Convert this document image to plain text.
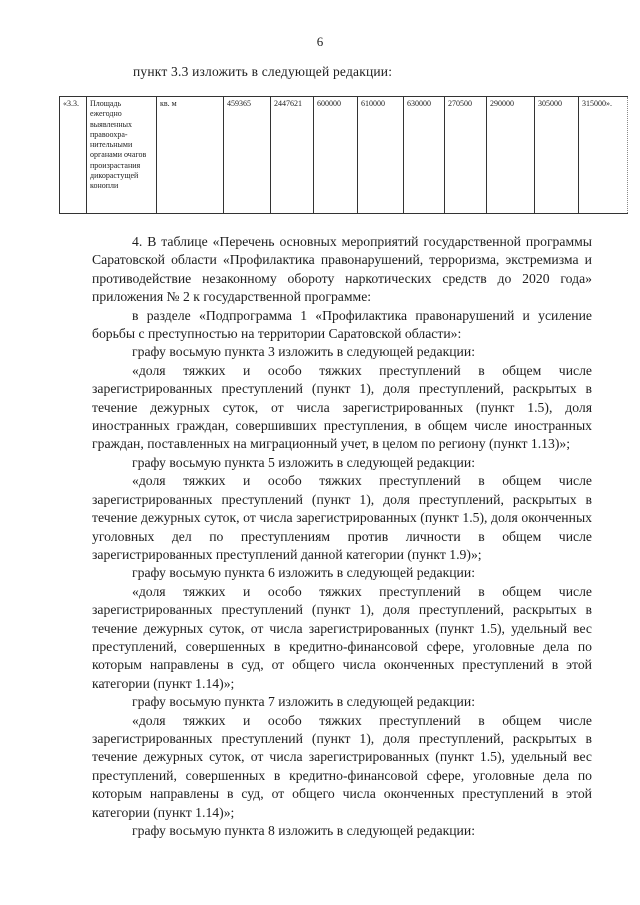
6
пункт 3.3 изложить в следующей редакции:
«3.3.	Площадь ежегодно выявленных правоохра-нительными органами очагов произрастания дикорастущей конопли	кв. м	459365	2447621	600000	610000	630000	270500	290000	305000	315000».

4. В таблице «Перечень основных мероприятий государственной программы Саратовской области «Профилактика правонарушений, терроризма, экстремизма и противодействие незаконному обороту наркотических средств до 2020 года» приложения № 2 к государственной программе:

в разделе «Подпрограмма 1 «Профилактика правонарушений и усиление борьбы с преступностью на территории Саратовской области»:

графу восьмую пункта 3 изложить в следующей редакции:

«доля тяжких и особо тяжких преступлений в общем числе зарегистрированных преступлений (пункт 1), доля преступлений, раскрытых в течение дежурных суток, от числа зарегистрированных (пункт 1.5), доля иностранных граждан, совершивших преступления, в общем числе иностранных граждан, поставленных на миграционный учет, в целом по региону (пункт 1.13)»;

графу восьмую пункта 5 изложить в следующей редакции:

«доля тяжких и особо тяжких преступлений в общем числе зарегистрированных преступлений (пункт 1), доля преступлений, раскрытых в течение дежурных суток, от числа зарегистрированных (пункт 1.5), доля оконченных уголовных дел по преступлениям против личности в общем числе зарегистрированных преступлений данной категории (пункт 1.9)»;

графу восьмую пункта 6 изложить в следующей редакции:

«доля тяжких и особо тяжких преступлений в общем числе зарегистрированных преступлений (пункт 1), доля преступлений, раскрытых в течение дежурных суток, от числа зарегистрированных (пункт 1.5), удельный вес преступлений, совершенных в кредитно-финансовой сфере, уголовные дела по которым направлены в суд, от общего числа оконченных преступлений в этой категории (пункт 1.14)»;

графу восьмую пункта 7 изложить в следующей редакции:

«доля тяжких и особо тяжких преступлений в общем числе зарегистрированных преступлений (пункт 1), доля преступлений, раскрытых в течение дежурных суток, от числа зарегистрированных (пункт 1.5), удельный вес преступлений, совершенных в кредитно-финансовой сфере, уголовные дела по которым направлены в суд, от общего числа оконченных преступлений в этой категории (пункт 1.14)»;

графу восьмую пункта 8 изложить в следующей редакции:
